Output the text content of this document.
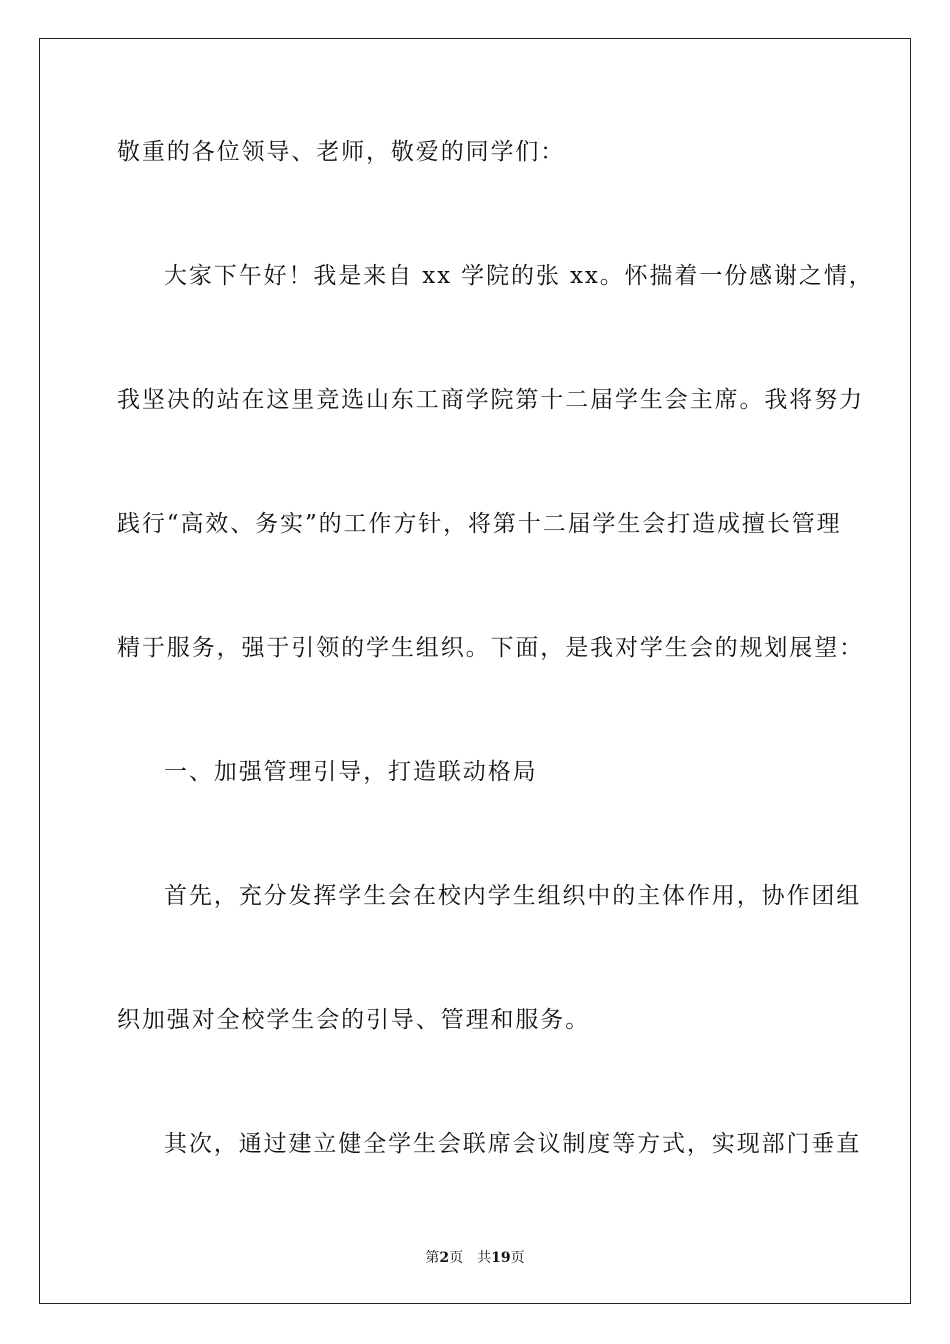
敬重的各位领导、老师，敬爱的同学们：
大家下午好！我是来自 xx 学院的张 xx。怀揣着一份感谢之情，
我坚决的站在这里竞选山东工商学院第十二届学生会主席。我将努力
践行“高效、务实”的工作方针，将第十二届学生会打造成擅长管理
精于服务，强于引领的学生组织。下面，是我对学生会的规划展望：
一、加强管理引导，打造联动格局
首先，充分发挥学生会在校内学生组织中的主体作用，协作团组
织加强对全校学生会的引导、管理和服务。
其次，通过建立健全学生会联席会议制度等方式，实现部门垂直
第2页 共19页
